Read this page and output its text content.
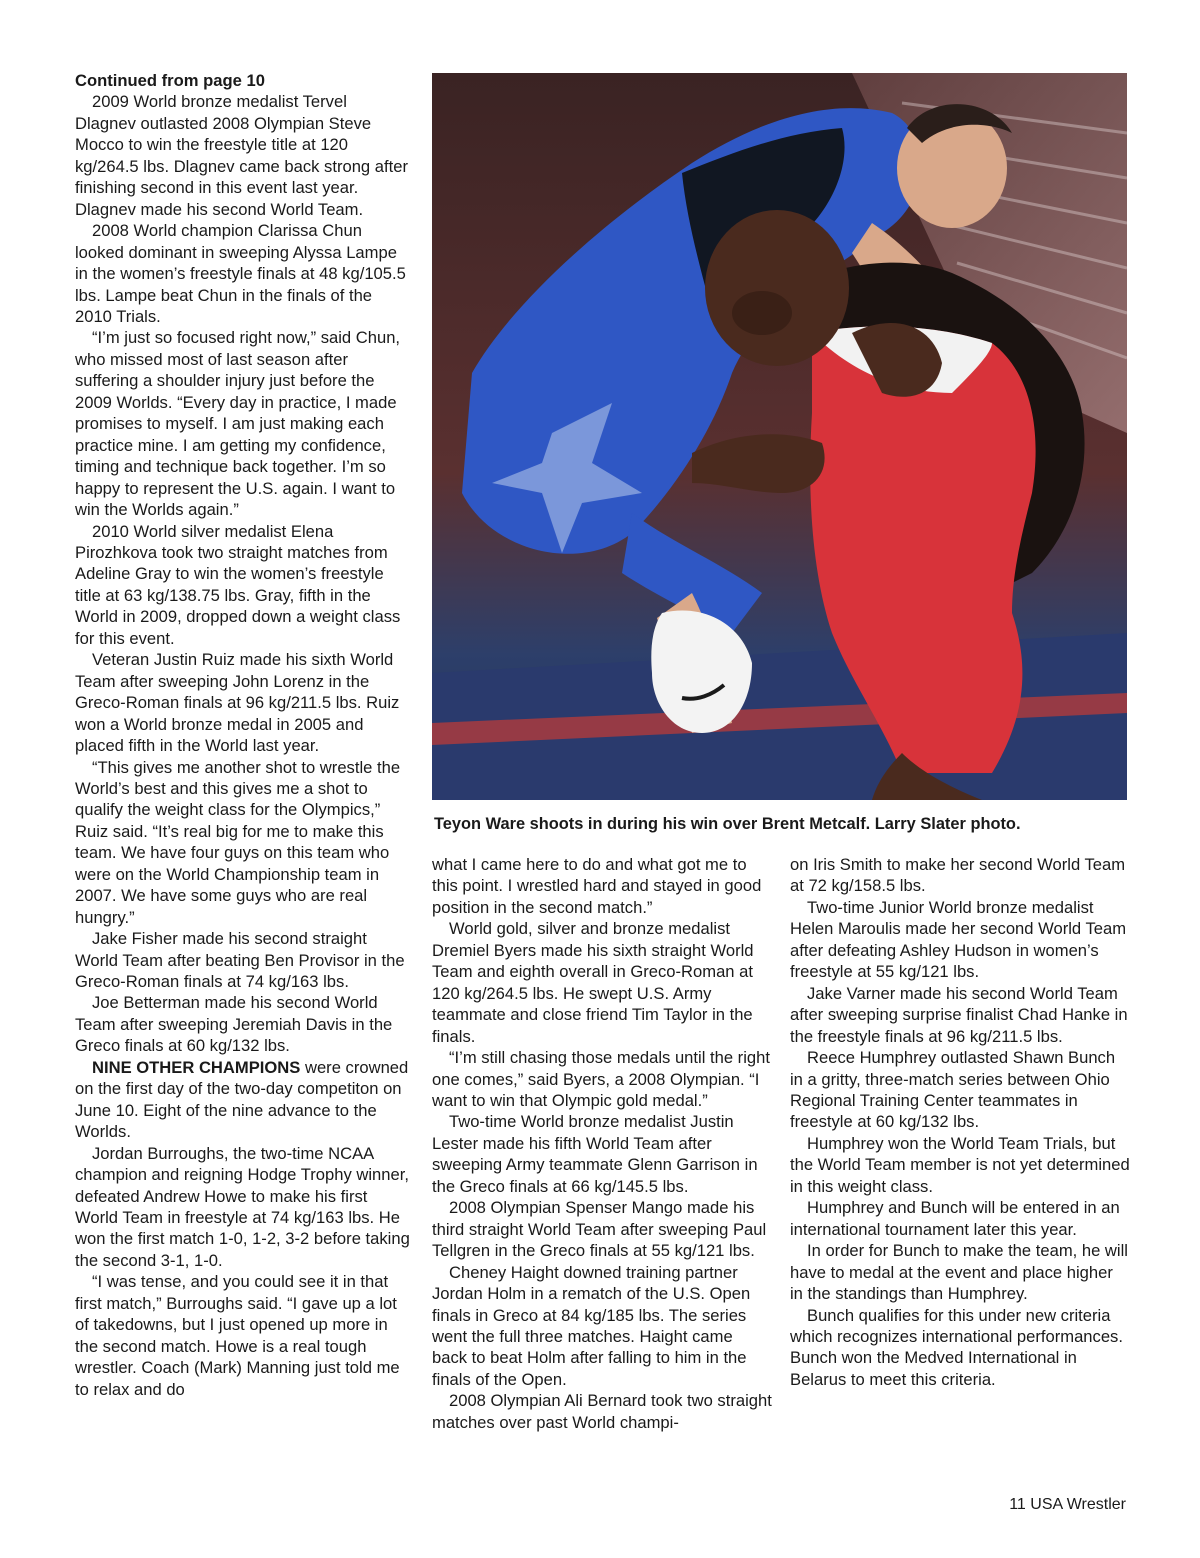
Continued from page 10

2009 World bronze medalist Tervel Dlagnev outlasted 2008 Olympian Steve Mocco to win the freestyle title at 120 kg/264.5 lbs. Dlagnev came back strong after finishing second in this event last year. Dlagnev made his second World Team.

2008 World champion Clarissa Chun looked dominant in sweeping Alyssa Lampe in the women’s freestyle finals at 48 kg/105.5 lbs. Lampe beat Chun in the finals of the 2010 Trials.

“I’m just so focused right now,” said Chun, who missed most of last season after suffering a shoulder injury just before the 2009 Worlds. “Every day in practice, I made promises to myself. I am just making each practice mine. I am getting my confidence, timing and technique back together. I’m so happy to represent the U.S. again. I want to win the Worlds again.”

2010 World silver medalist Elena Pirozhkova took two straight matches from Adeline Gray to win the women’s freestyle title at 63 kg/138.75 lbs. Gray, fifth in the World in 2009, dropped down a weight class for this event.

Veteran Justin Ruiz made his sixth World Team after sweeping John Lorenz in the Greco-Roman finals at 96 kg/211.5 lbs. Ruiz won a World bronze medal in 2005 and placed fifth in the World last year.

“This gives me another shot to wrestle the World’s best and this gives me a shot to qualify the weight class for the Olympics,” Ruiz said. “It’s real big for me to make this team. We have four guys on this team who were on the World Championship team in 2007. We have some guys who are real hungry.”

Jake Fisher made his second straight World Team after beating Ben Provisor in the Greco-Roman finals at 74 kg/163 lbs.

Joe Betterman made his second World Team after sweeping Jeremiah Davis in the Greco finals at 60 kg/132 lbs.

NINE OTHER CHAMPIONS were crowned on the first day of the two-day competiton on June 10. Eight of the nine advance to the Worlds.

Jordan Burroughs, the two-time NCAA champion and reigning Hodge Trophy winner, defeated Andrew Howe to make his first World Team in freestyle at 74 kg/163 lbs. He won the first match 1-0, 1-2, 3-2 before taking the second 3-1, 1-0.

“I was tense, and you could see it in that first match,” Burroughs said. “I gave up a lot of takedowns, but I just opened up more in the second match. Howe is a real tough wrestler. Coach (Mark) Manning just told me to relax and do

Teyon Ware shoots in during his win over Brent Metcalf. Larry Slater photo.

what I came here to do and what got me to this point. I wrestled hard and stayed in good position in the second match.”

World gold, silver and bronze medalist Dremiel Byers made his sixth straight World Team and eighth overall in Greco-Roman at 120 kg/264.5 lbs. He swept U.S. Army teammate and close friend Tim Taylor in the finals.

“I’m still chasing those medals until the right one comes,” said Byers, a 2008 Olympian. “I want to win that Olympic gold medal.”

Two-time World bronze medalist Justin Lester made his fifth World Team after sweeping Army teammate Glenn Garrison in the Greco finals at 66 kg/145.5 lbs.

2008 Olympian Spenser Mango made his third straight World Team after sweeping Paul Tellgren in the Greco finals at 55 kg/121 lbs.

Cheney Haight downed training partner Jordan Holm in a rematch of the U.S. Open finals in Greco at 84 kg/185 lbs. The series went the full three matches. Haight came back to beat Holm after falling to him in the finals of the Open.

2008 Olympian Ali Bernard took two straight matches over past World champi-

on Iris Smith to make her second World Team at 72 kg/158.5 lbs.

Two-time Junior World bronze medalist Helen Maroulis made her second World Team after defeating Ashley Hudson in women’s freestyle at 55 kg/121 lbs.

Jake Varner made his second World Team after sweeping surprise finalist Chad Hanke in the freestyle finals at 96 kg/211.5 lbs.

Reece Humphrey outlasted Shawn Bunch in a gritty, three-match series between Ohio Regional Training Center teammates in freestyle at 60 kg/132 lbs.

Humphrey won the World Team Trials, but the World Team member is not yet determined in this weight class.

Humphrey and Bunch will be entered in an international tournament later this year.

In order for Bunch to make the team, he will have to medal at the event and place higher in the standings than Humphrey.

Bunch qualifies for this under new criteria which recognizes international performances. Bunch won the Medved International in Belarus to meet this criteria.

11 USA Wrestler
